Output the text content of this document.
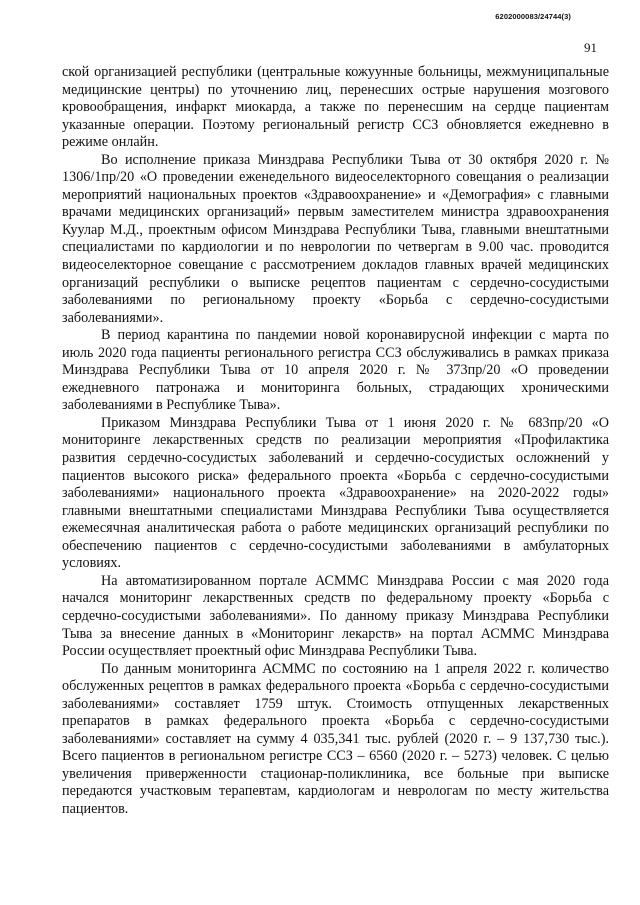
6202000083/24744(3)
91

ской организацией республики (центральные кожуунные больницы, межмуниципальные медицинские центры) по уточнению лиц, перенесших острые нарушения мозгового кровообращения, инфаркт миокарда, а также по перенесшим на сердце пациентам указанные операции. Поэтому региональный регистр ССЗ обновляется ежедневно в режиме онлайн.

Во исполнение приказа Минздрава Республики Тыва от 30 октября 2020 г. № 1306/1пр/20 «О проведении еженедельного видеоселекторного совещания о реализации мероприятий национальных проектов «Здравоохранение» и «Демография» с главными врачами медицинских организаций» первым заместителем министра здравоохранения Куулар М.Д., проектным офисом Минздрава Республики Тыва, главными внештатными специалистами по кардиологии и по неврологии по четвергам в 9.00 час. проводится видеоселекторное совещание с рассмотрением докладов главных врачей медицинских организаций республики о выписке рецептов пациентам с сердечно-сосудистыми заболеваниями по региональному проекту «Борьба с сердечно-сосудистыми заболеваниями».

В период карантина по пандемии новой коронавирусной инфекции с марта по июль 2020 года пациенты регионального регистра ССЗ обслуживались в рамках приказа Минздрава Республики Тыва от 10 апреля 2020 г. № 373пр/20 «О проведении ежедневного патронажа и мониторинга больных, страдающих хроническими заболеваниями в Республике Тыва».

Приказом Минздрава Республики Тыва от 1 июня 2020 г. № 683пр/20 «О мониторинге лекарственных средств по реализации мероприятия «Профилактика развития сердечно-сосудистых заболеваний и сердечно-сосудистых осложнений у пациентов высокого риска» федерального проекта «Борьба с сердечно-сосудистыми заболеваниями» национального проекта «Здравоохранение» на 2020-2022 годы» главными внештатными специалистами Минздрава Республики Тыва осуществляется ежемесячная аналитическая работа о работе медицинских организаций республики по обеспечению пациентов с сердечно-сосудистыми заболеваниями в амбулаторных условиях.

На автоматизированном портале АСММС Минздрава России с мая 2020 года начался мониторинг лекарственных средств по федеральному проекту «Борьба с сердечно-сосудистыми заболеваниями». По данному приказу Минздрава Республики Тыва за внесение данных в «Мониторинг лекарств» на портал АСММС Минздрава России осуществляет проектный офис Минздрава Республики Тыва.

По данным мониторинга АСММС по состоянию на 1 апреля 2022 г. количество обслуженных рецептов в рамках федерального проекта «Борьба с сердечно-сосудистыми заболеваниями» составляет 1759 штук. Стоимость отпущенных лекарственных препаратов в рамках федерального проекта «Борьба с сердечно-сосудистыми заболеваниями» составляет на сумму 4 035,341 тыс. рублей (2020 г. – 9 137,730 тыс.). Всего пациентов в региональном регистре ССЗ – 6560 (2020 г. – 5273) человек. С целью увеличения приверженности стационар-поликлиника, все больные при выписке передаются участковым терапевтам, кардиологам и неврологам по месту жительства пациентов.
